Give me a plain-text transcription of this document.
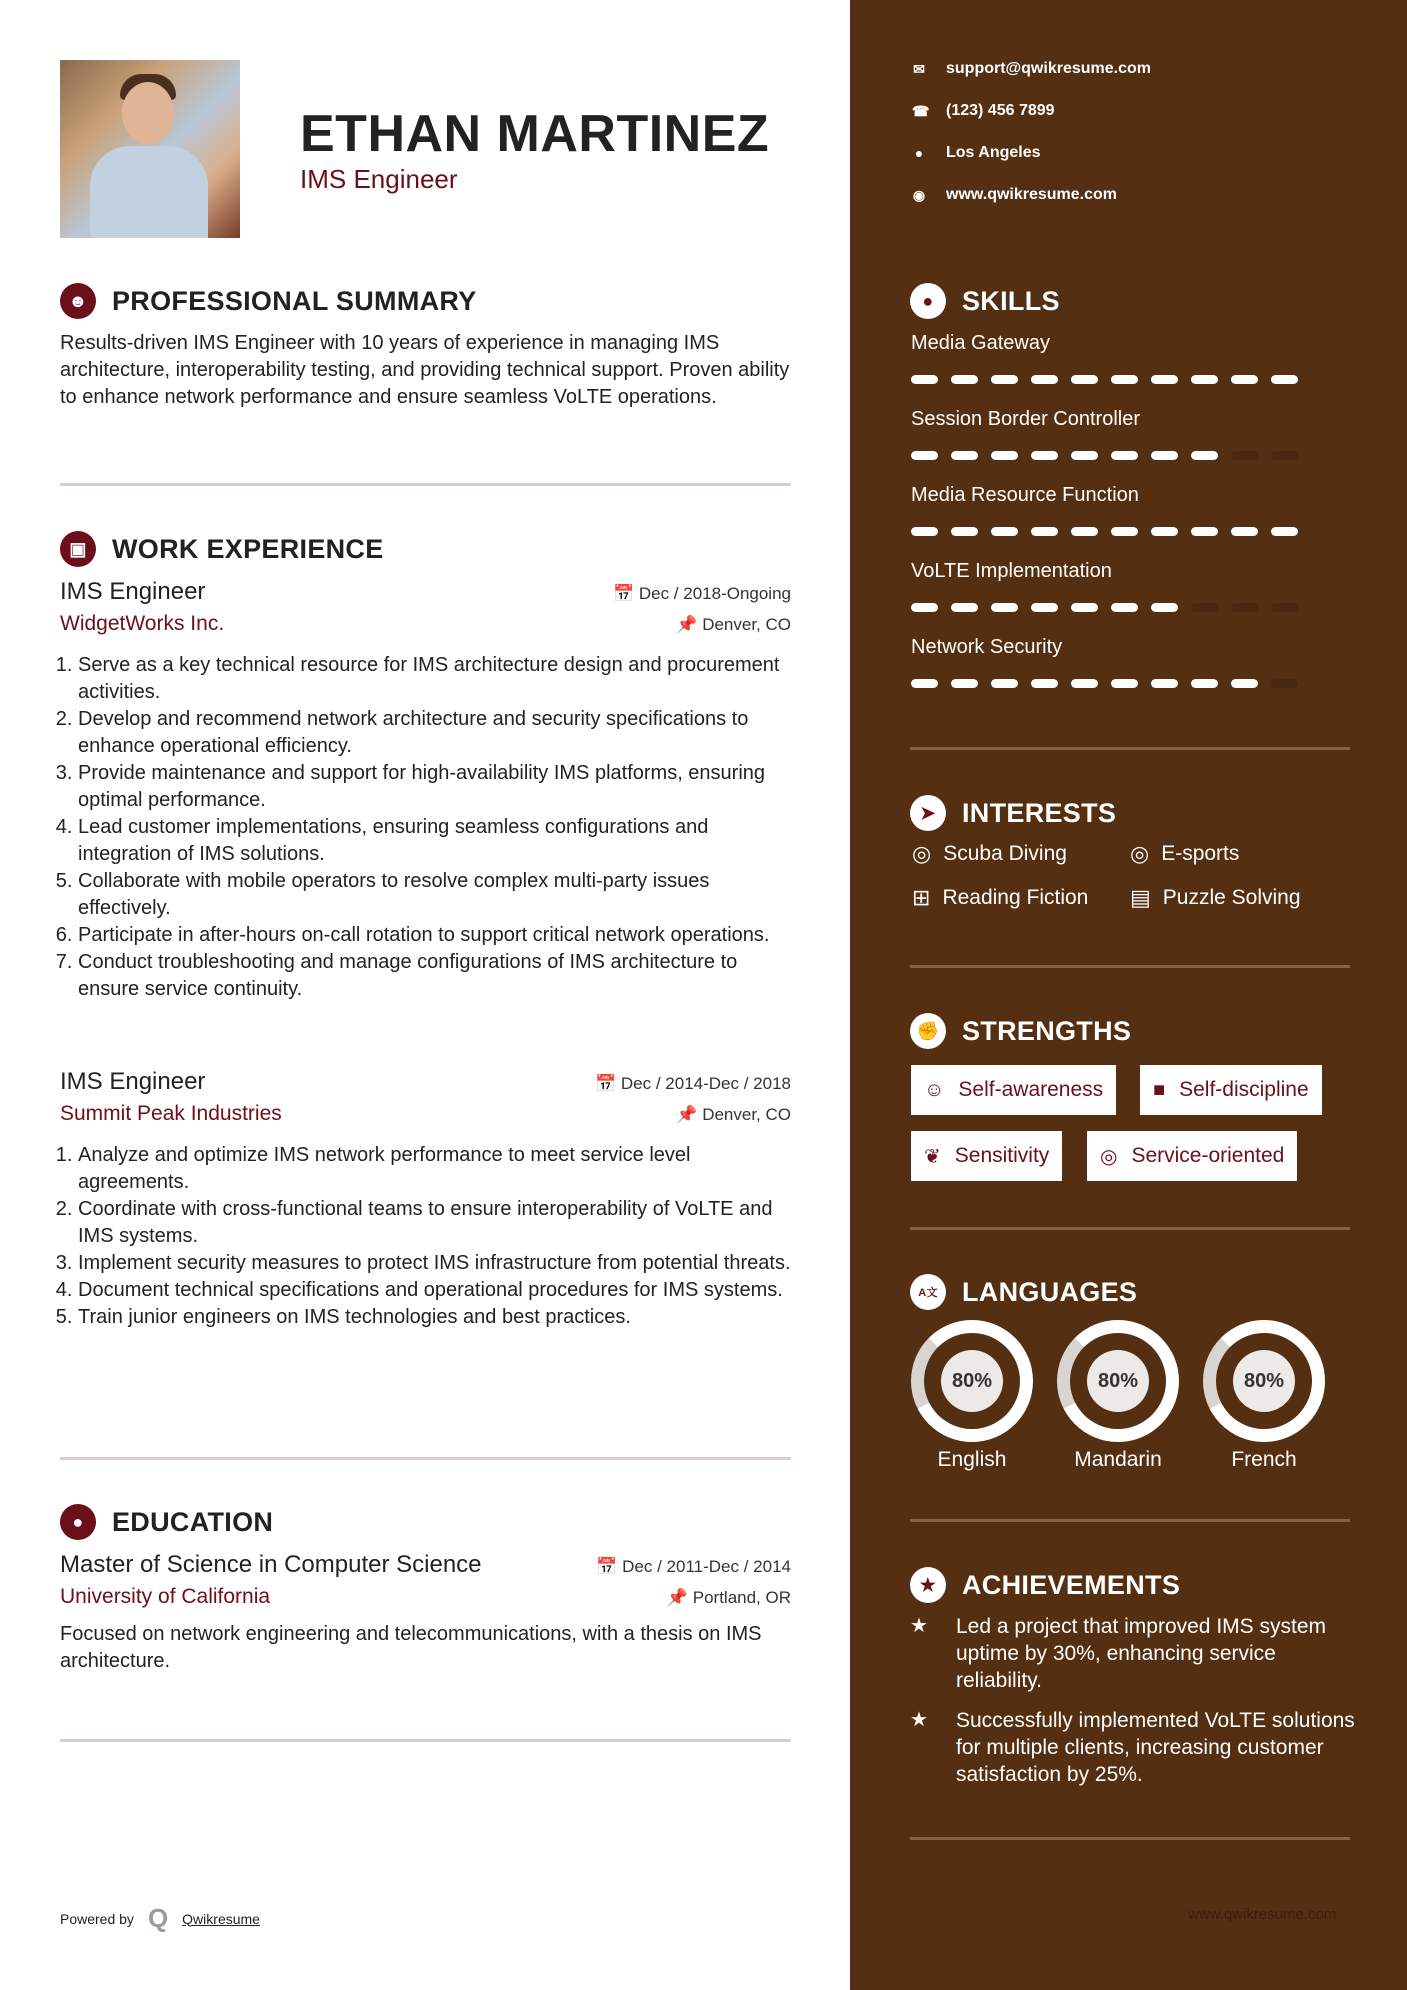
ETHAN MARTINEZ
IMS Engineer
☻ PROFESSIONAL SUMMARY
Results-driven IMS Engineer with 10 years of experience in managing IMS architecture, interoperability testing, and providing technical support. Proven ability to enhance network performance and ensure seamless VoLTE operations.
▣ WORK EXPERIENCE
IMS Engineer	📅 Dec / 2018-Ongoing
WidgetWorks Inc.	📌 Denver, CO
1. Serve as a key technical resource for IMS architecture design and procurement activities.
2. Develop and recommend network architecture and security specifications to enhance operational efficiency.
3. Provide maintenance and support for high-availability IMS platforms, ensuring optimal performance.
4. Lead customer implementations, ensuring seamless configurations and integration of IMS solutions.
5. Collaborate with mobile operators to resolve complex multi-party issues effectively.
6. Participate in after-hours on-call rotation to support critical network operations.
7. Conduct troubleshooting and manage configurations of IMS architecture to ensure service continuity.
IMS Engineer	📅 Dec / 2014-Dec / 2018
Summit Peak Industries	📌 Denver, CO
1. Analyze and optimize IMS network performance to meet service level agreements.
2. Coordinate with cross-functional teams to ensure interoperability of VoLTE and IMS systems.
3. Implement security measures to protect IMS infrastructure from potential threats.
4. Document technical specifications and operational procedures for IMS systems.
5. Train junior engineers on IMS technologies and best practices.
●	EDUCATION
Master of Science in Computer Science	📅 Dec / 2011-Dec / 2014
University of California	📌 Portland, OR
Focused on network engineering and telecommunications, with a thesis on IMS architecture.
Powered by Q Qwikresume
✉ support@qwikresume.com
☎ (123) 456 7899
● Los Angeles
◉ www.qwikresume.com
●	SKILLS
Media Gateway
Session Border Controller
Media Resource Function
VoLTE Implementation
Network Security
➤ INTERESTS
◎ Scuba Diving	◎ E-sports
⊞ Reading Fiction ▤ Puzzle Solving
✊ STRENGTHS
☺ Self-awareness ■ Self-discipline
❦ Sensitivity	◎ Service-oriented
A文 LANGUAGES
80%
English
80%
Mandarin
80%
French
★ ACHIEVEMENTS
★	Led a project that improved IMS system uptime by 30%, enhancing service reliability.
★	Successfully implemented VoLTE solutions for multiple clients, increasing customer satisfaction by 25%.
www.qwikresume.com
